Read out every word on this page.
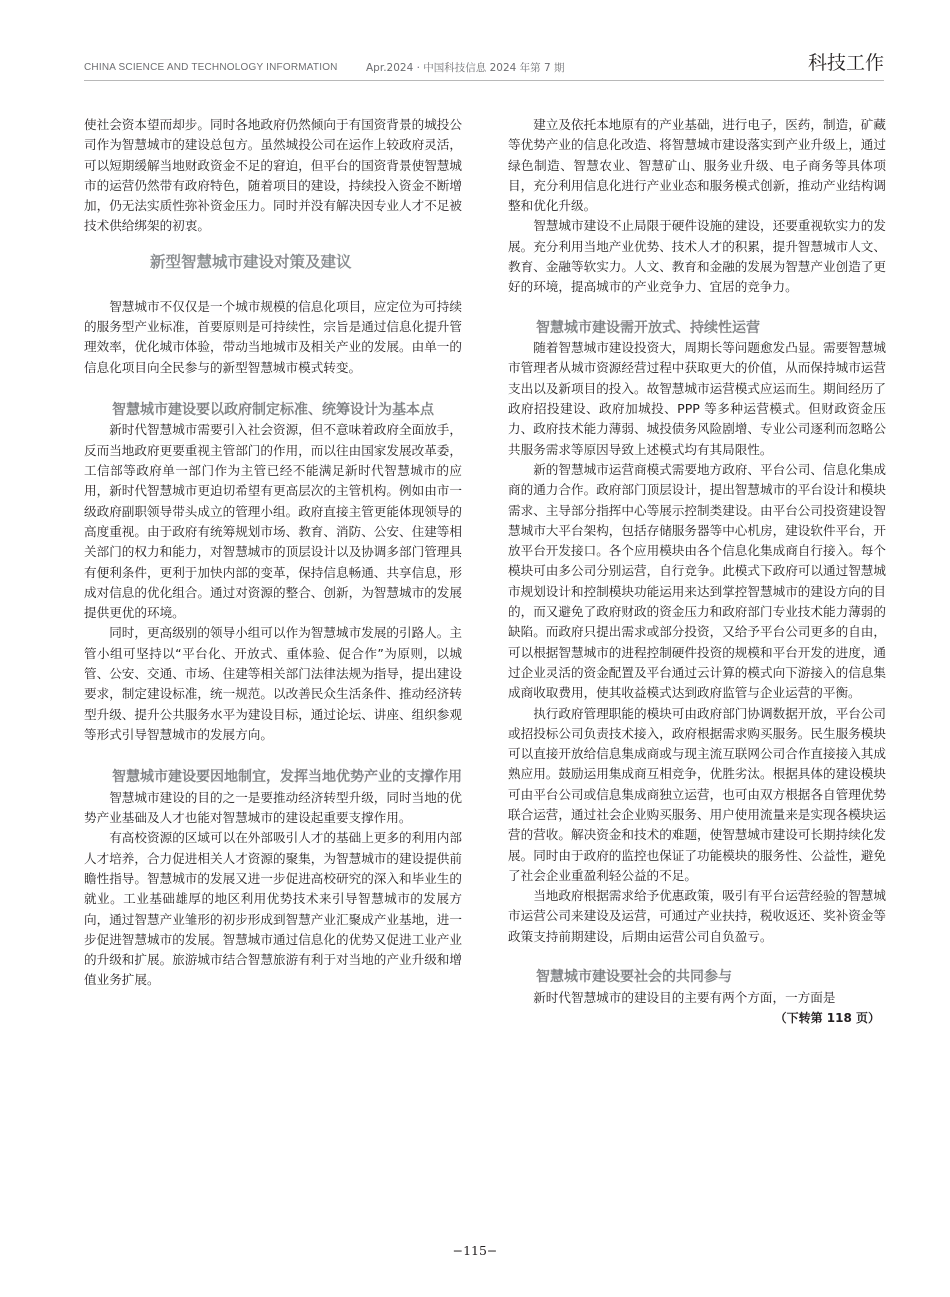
CHINA SCIENCE AND TECHNOLOGY INFORMATION	Apr.2024 · 中国科技信息 2024 年第 7 期	科技工作

使社会资本望而却步。同时各地政府仍然倾向于有国资背景的城投公司作为智慧城市的建设总包方。虽然城投公司在运作上较政府灵活，可以短期缓解当地财政资金不足的窘迫，但平台的国资背景使智慧城市的运营仍然带有政府特色，随着项目的建设，持续投入资金不断增加，仍无法实质性弥补资金压力。同时并没有解决因专业人才不足被技术供给绑架的初衷。

新型智慧城市建设对策及建议

智慧城市不仅仅是一个城市规模的信息化项目，应定位为可持续的服务型产业标准，首要原则是可持续性，宗旨是通过信息化提升管理效率，优化城市体验，带动当地城市及相关产业的发展。由单一的信息化项目向全民参与的新型智慧城市模式转变。

智慧城市建设要以政府制定标准、统筹设计为基本点

新时代智慧城市需要引入社会资源，但不意味着政府全面放手，反而当地政府更要重视主管部门的作用，而以往由国家发展改革委，工信部等政府单一部门作为主管已经不能满足新时代智慧城市的应用，新时代智慧城市更迫切希望有更高层次的主管机构。例如由市一级政府副职领导带头成立的管理小组。政府直接主管更能体现领导的高度重视。由于政府有统筹规划市场、教育、消防、公安、住建等相关部门的权力和能力，对智慧城市的顶层设计以及协调多部门管理具有便利条件，更利于加快内部的变革，保持信息畅通、共享信息，形成对信息的优化组合。通过对资源的整合、创新，为智慧城市的发展提供更优的环境。

同时，更高级别的领导小组可以作为智慧城市发展的引路人。主管小组可坚持以“平台化、开放式、重体验、促合作”为原则，以城管、公安、交通、市场、住建等相关部门法律法规为指导，提出建设要求，制定建设标准，统一规范。以改善民众生活条件、推动经济转型升级、提升公共服务水平为建设目标，通过论坛、讲座、组织参观等形式引导智慧城市的发展方向。

智慧城市建设要因地制宜，发挥当地优势产业的支撑作用

智慧城市建设的目的之一是要推动经济转型升级，同时当地的优势产业基础及人才也能对智慧城市的建设起重要支撑作用。

有高校资源的区域可以在外部吸引人才的基础上更多的利用内部人才培养，合力促进相关人才资源的聚集，为智慧城市的建设提供前瞻性指导。智慧城市的发展又进一步促进高校研究的深入和毕业生的就业。工业基础雄厚的地区利用优势技术来引导智慧城市的发展方向，通过智慧产业雏形的初步形成到智慧产业汇聚成产业基地，进一步促进智慧城市的发展。智慧城市通过信息化的优势又促进工业产业的升级和扩展。旅游城市结合智慧旅游有利于对当地的产业升级和增值业务扩展。

建立及依托本地原有的产业基础，进行电子，医药，制造，矿藏等优势产业的信息化改造、将智慧城市建设落实到产业升级上，通过绿色制造、智慧农业、智慧矿山、服务业升级、电子商务等具体项目，充分利用信息化进行产业业态和服务模式创新，推动产业结构调整和优化升级。

智慧城市建设不止局限于硬件设施的建设，还要重视软实力的发展。充分利用当地产业优势、技术人才的积累，提升智慧城市人文、教育、金融等软实力。人文、教育和金融的发展为智慧产业创造了更好的环境，提高城市的产业竞争力、宜居的竞争力。

智慧城市建设需开放式、持续性运营

随着智慧城市建设投资大，周期长等问题愈发凸显。需要智慧城市管理者从城市资源经营过程中获取更大的价值，从而保持城市运营支出以及新项目的投入。故智慧城市运营模式应运而生。期间经历了政府招投建设、政府加城投、PPP 等多种运营模式。但财政资金压力、政府技术能力薄弱、城投债务风险剧增、专业公司逐利而忽略公共服务需求等原因导致上述模式均有其局限性。

新的智慧城市运营商模式需要地方政府、平台公司、信息化集成商的通力合作。政府部门顶层设计，提出智慧城市的平台设计和模块需求、主导部分指挥中心等展示控制类建设。由平台公司投资建设智慧城市大平台架构，包括存储服务器等中心机房，建设软件平台，开放平台开发接口。各个应用模块由各个信息化集成商自行接入。每个模块可由多公司分别运营，自行竞争。此模式下政府可以通过智慧城市规划设计和控制模块功能运用来达到掌控智慧城市的建设方向的目的，而又避免了政府财政的资金压力和政府部门专业技术能力薄弱的缺陷。而政府只提出需求或部分投资，又给予平台公司更多的自由，可以根据智慧城市的进程控制硬件投资的规模和平台开发的进度，通过企业灵活的资金配置及平台通过云计算的模式向下游接入的信息集成商收取费用，使其收益模式达到政府监管与企业运营的平衡。

执行政府管理职能的模块可由政府部门协调数据开放，平台公司或招投标公司负责技术接入，政府根据需求购买服务。民生服务模块可以直接开放给信息集成商或与现主流互联网公司合作直接接入其成熟应用。鼓励运用集成商互相竞争，优胜劣汰。根据具体的建设模块可由平台公司或信息集成商独立运营，也可由双方根据各自管理优势联合运营，通过社会企业购买服务、用户使用流量来是实现各模块运营的营收。解决资金和技术的难题，使智慧城市建设可长期持续化发展。同时由于政府的监控也保证了功能模块的服务性、公益性，避免了社会企业重盈利轻公益的不足。

当地政府根据需求给予优惠政策，吸引有平台运营经验的智慧城市运营公司来建设及运营，可通过产业扶持，税收返还、奖补资金等政策支持前期建设，后期由运营公司自负盈亏。

智慧城市建设要社会的共同参与

新时代智慧城市的建设目的主要有两个方面，一方面是

（下转第 118 页）
−115−
